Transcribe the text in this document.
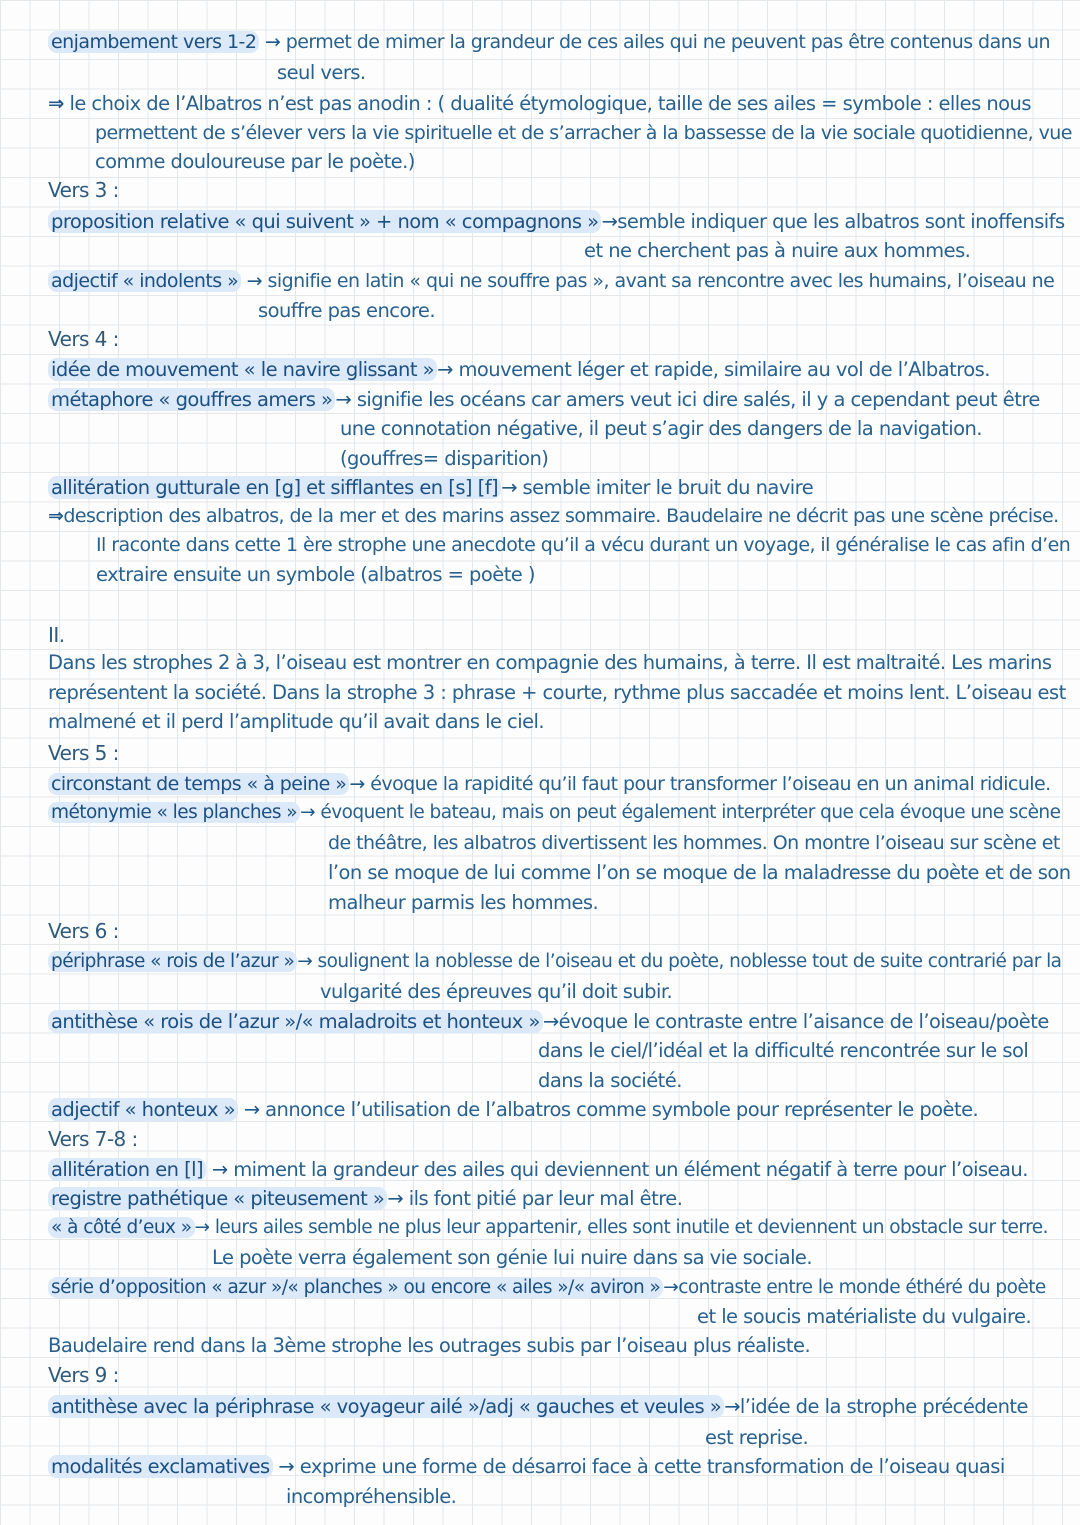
enjambement vers 1-2 → permet de mimer la grandeur de ces ailes qui ne peuvent pas être contenus dans un
seul vers.
⇒ le choix de l’Albatros n’est pas anodin : ( dualité étymologique, taille de ses ailes = symbole : elles nous
permettent de s’élever vers la vie spirituelle et de s’arracher à la bassesse de la vie sociale quotidienne, vue
comme douloureuse par le poète.)
Vers 3 :
proposition relative « qui suivent » + nom « compagnons » →semble indiquer que les albatros sont inoffensifs
et ne cherchent pas à nuire aux hommes.
adjectif « indolents » → signifie en latin « qui ne souffre pas », avant sa rencontre avec les humains, l’oiseau ne
souffre pas encore.
Vers 4 :
idée de mouvement « le navire glissant » → mouvement léger et rapide, similaire au vol de l’Albatros.
métaphore « gouffres amers » → signifie les océans car amers veut ici dire salés, il y a cependant peut être
une connotation négative, il peut s’agir des dangers de la navigation.
(gouffres= disparition)
allitération gutturale en [g] et sifflantes en [s] [f] → semble imiter le bruit du navire
⇒description des albatros, de la mer et des marins assez sommaire. Baudelaire ne décrit pas une scène précise.
Il raconte dans cette 1 ère strophe une anecdote qu’il a vécu durant un voyage, il généralise le cas afin d’en
extraire ensuite un symbole (albatros = poète )
II.
Dans les strophes 2 à 3, l’oiseau est montrer en compagnie des humains, à terre. Il est maltraité. Les marins
représentent la société. Dans la strophe 3 : phrase + courte, rythme plus saccadée et moins lent. L’oiseau est
malmené et il perd l’amplitude qu’il avait dans le ciel.
Vers 5 :
circonstant de temps « à peine » → évoque la rapidité qu’il faut pour transformer l’oiseau en un animal ridicule.
métonymie « les planches » → évoquent le bateau, mais on peut également interpréter que cela évoque une scène
de théâtre, les albatros divertissent les hommes. On montre l’oiseau sur scène et
l’on se moque de lui comme l’on se moque de la maladresse du poète et de son
malheur parmis les hommes.
Vers 6 :
périphrase « rois de l’azur » → soulignent la noblesse de l’oiseau et du poète, noblesse tout de suite contrarié par la
vulgarité des épreuves qu’il doit subir.
antithèse « rois de l’azur »/« maladroits et honteux » →évoque le contraste entre l’aisance de l’oiseau/poète
dans le ciel/l’idéal et la difficulté rencontrée sur le sol
dans la société.
adjectif « honteux » → annonce l’utilisation de l’albatros comme symbole pour représenter le poète.
Vers 7-8 :
allitération en [l] → miment la grandeur des ailes qui deviennent un élément négatif à terre pour l’oiseau.
registre pathétique « piteusement » → ils font pitié par leur mal être.
« à côté d’eux » → leurs ailes semble ne plus leur appartenir, elles sont inutile et deviennent un obstacle sur terre.
Le poète verra également son génie lui nuire dans sa vie sociale.
série d’opposition « azur »/« planches » ou encore « ailes »/« aviron » →contraste entre le monde éthéré du poète
et le soucis matérialiste du vulgaire.
Baudelaire rend dans la 3ème strophe les outrages subis par l’oiseau plus réaliste.
Vers 9 :
antithèse avec la périphrase « voyageur ailé »/adj « gauches et veules » →l’idée de la strophe précédente
est reprise.
modalités exclamatives → exprime une forme de désarroi face à cette transformation de l’oiseau quasi
incompréhensible.
